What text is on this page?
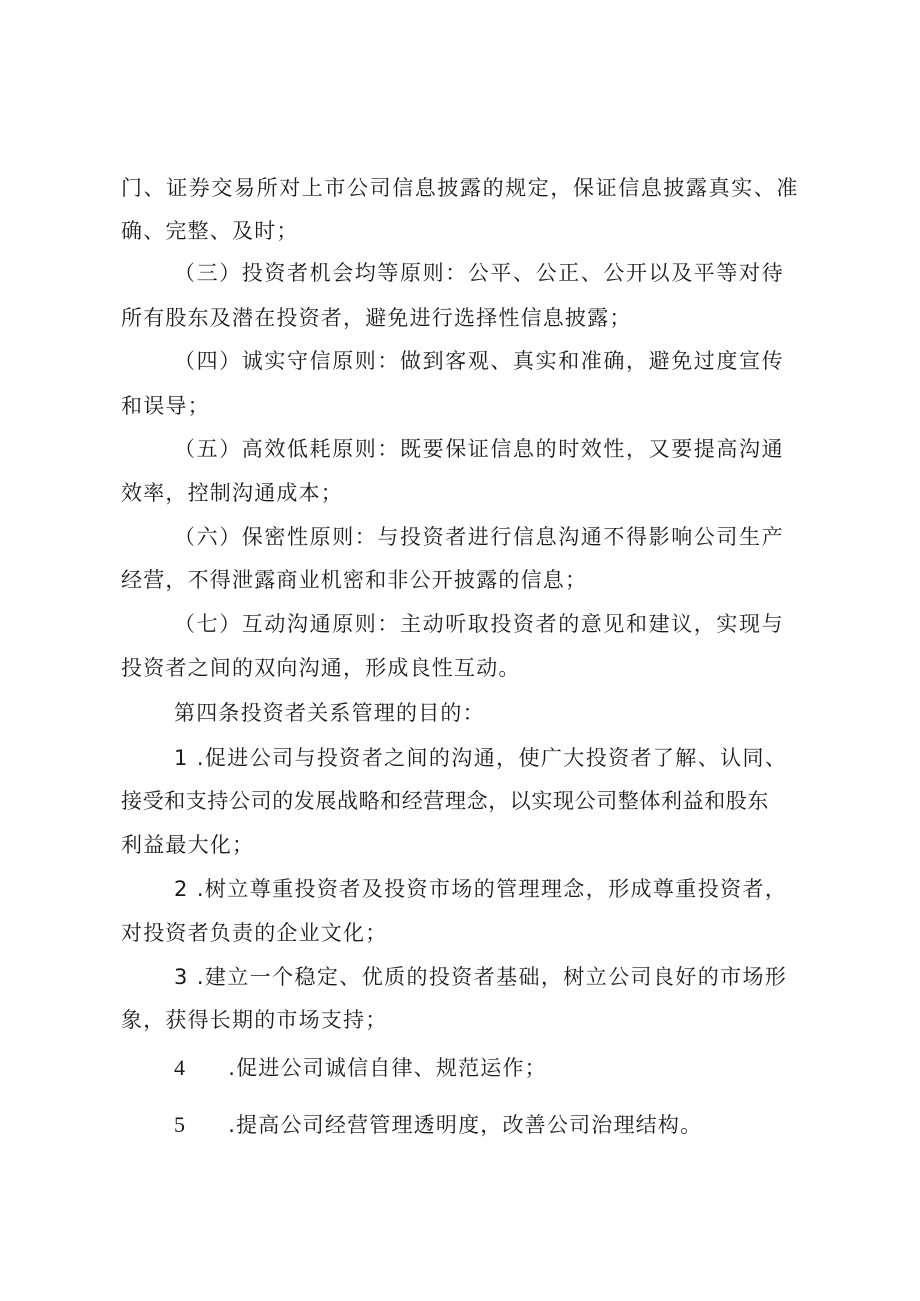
门、证券交易所对上市公司信息披露的规定，保证信息披露真实、准
确、完整、及时；
（三）投资者机会均等原则：公平、公正、公开以及平等对待
所有股东及潜在投资者，避免进行选择性信息披露；
（四）诚实守信原则：做到客观、真实和准确，避免过度宣传
和误导；
（五）高效低耗原则：既要保证信息的时效性，又要提高沟通
效率，控制沟通成本；
（六）保密性原则：与投资者进行信息沟通不得影响公司生产
经营，不得泄露商业机密和非公开披露的信息；
（七）互动沟通原则：主动听取投资者的意见和建议，实现与
投资者之间的双向沟通，形成良性互动。
第四条投资者关系管理的目的：
1 .促进公司与投资者之间的沟通，使广大投资者了解、认同、
接受和支持公司的发展战略和经营理念，以实现公司整体利益和股东
利益最大化；
2 .树立尊重投资者及投资市场的管理理念，形成尊重投资者，
对投资者负责的企业文化；
3 .建立一个稳定、优质的投资者基础，树立公司良好的市场形
象，获得长期的市场支持；
4 .促进公司诚信自律、规范运作；
5 .提高公司经营管理透明度，改善公司治理结构。
